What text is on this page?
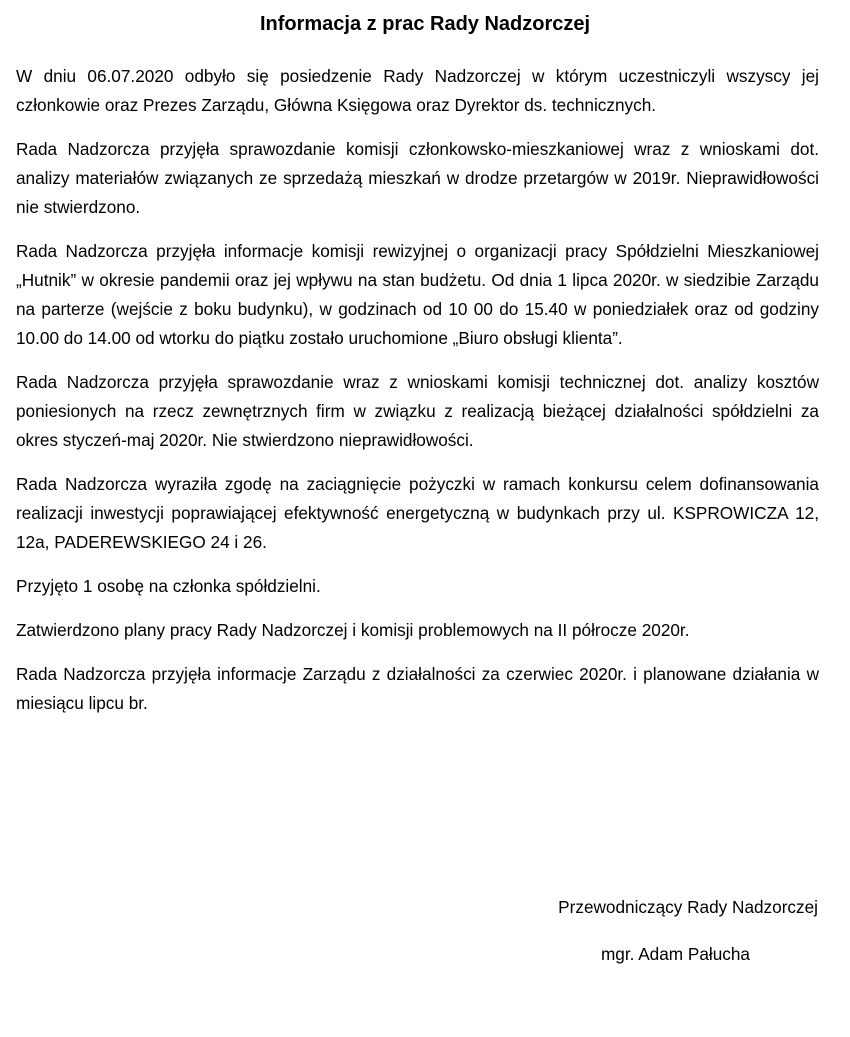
Informacja z prac Rady Nadzorczej

W dniu 06.07.2020 odbyło się posiedzenie Rady Nadzorczej w którym uczestniczyli wszyscy jej członkowie oraz Prezes Zarządu, Główna Księgowa oraz Dyrektor ds. technicznych.

Rada Nadzorcza przyjęła sprawozdanie komisji członkowsko-mieszkaniowej wraz z wnioskami dot. analizy materiałów związanych ze sprzedażą mieszkań w drodze przetargów w 2019r. Nieprawidłowości nie stwierdzono.

Rada Nadzorcza przyjęła informacje komisji rewizyjnej o organizacji pracy Spółdzielni Mieszkaniowej „Hutnik” w okresie pandemii oraz jej wpływu na stan budżetu. Od dnia 1 lipca 2020r. w siedzibie Zarządu na parterze (wejście z boku budynku), w godzinach od 10 00 do 15.40 w poniedziałek oraz od godziny 10.00 do 14.00 od wtorku do piątku zostało uruchomione „Biuro obsługi klienta”.

Rada Nadzorcza przyjęła sprawozdanie wraz z wnioskami komisji technicznej dot. analizy kosztów poniesionych na rzecz zewnętrznych firm w związku z realizacją bieżącej działalności spółdzielni za okres styczeń-maj 2020r. Nie stwierdzono nieprawidłowości.

Rada Nadzorcza wyraziła zgodę na zaciągnięcie pożyczki w ramach konkursu celem dofinansowania realizacji inwestycji poprawiającej efektywność energetyczną w budynkach przy ul. KSPROWICZA 12, 12a, PADEREWSKIEGO 24 i 26.

Przyjęto 1 osobę na członka spółdzielni.

Zatwierdzono plany pracy Rady Nadzorczej i komisji problemowych na II półrocze 2020r.

Rada Nadzorcza przyjęła informacje Zarządu z działalności za czerwiec 2020r. i planowane działania w miesiącu lipcu br.

Przewodniczący Rady Nadzorczej
mgr. Adam Pałucha
